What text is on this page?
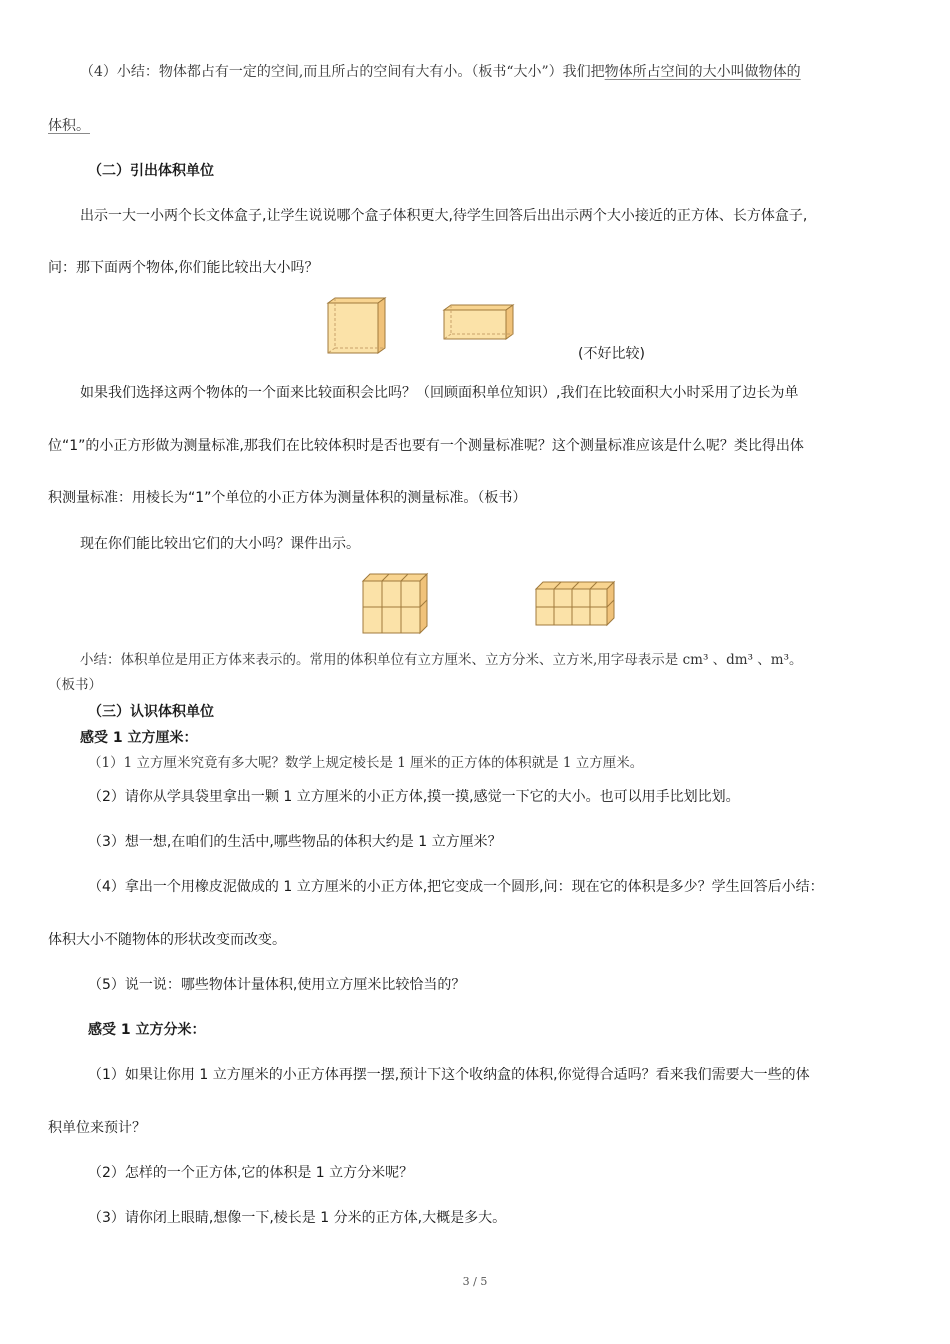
（4）小结：物体都占有一定的空间,而且所占的空间有大有小。（板书“大小”）我们把物体所占空间的大小叫做物体的
体积。
（二）引出体积单位
出示一大一小两个长文体盒子,让学生说说哪个盒子体积更大,待学生回答后出出示两个大小接近的正方体、长方体盒子,
问：那下面两个物体,你们能比较出大小吗？
(不好比较)
如果我们选择这两个物体的一个面来比较面积会比吗？（回顾面积单位知识）,我们在比较面积大小时采用了边长为单
位“1”的小正方形做为测量标准,那我们在比较体积时是否也要有一个测量标准呢？这个测量标准应该是什么呢？类比得出体
积测量标准：用棱长为“1”个单位的小正方体为测量体积的测量标准。（板书）
现在你们能比较出它们的大小吗？课件出示。
小结：体积单位是用正方体来表示的。常用的体积单位有立方厘米、立方分米、立方米,用字母表示是 cm³ 、dm³ 、m³。
（板书）
（三）认识体积单位
感受 1 立方厘米：
（1）1 立方厘米究竟有多大呢？数学上规定棱长是 1 厘米的正方体的体积就是 1 立方厘米。
（2）请你从学具袋里拿出一颗 1 立方厘米的小正方体,摸一摸,感觉一下它的大小。也可以用手比划比划。
（3）想一想,在咱们的生活中,哪些物品的体积大约是 1 立方厘米？
（4）拿出一个用橡皮泥做成的 1 立方厘米的小正方体,把它变成一个圆形,问：现在它的体积是多少？学生回答后小结：
体积大小不随物体的形状改变而改变。
（5）说一说：哪些物体计量体积,使用立方厘米比较恰当的？
感受 1 立方分米：
（1）如果让你用 1 立方厘米的小正方体再摆一摆,预计下这个收纳盒的体积,你觉得合适吗？看来我们需要大一些的体
积单位来预计？
（2）怎样的一个正方体,它的体积是 1 立方分米呢？
（3）请你闭上眼睛,想像一下,棱长是 1 分米的正方体,大概是多大。
3 / 5
